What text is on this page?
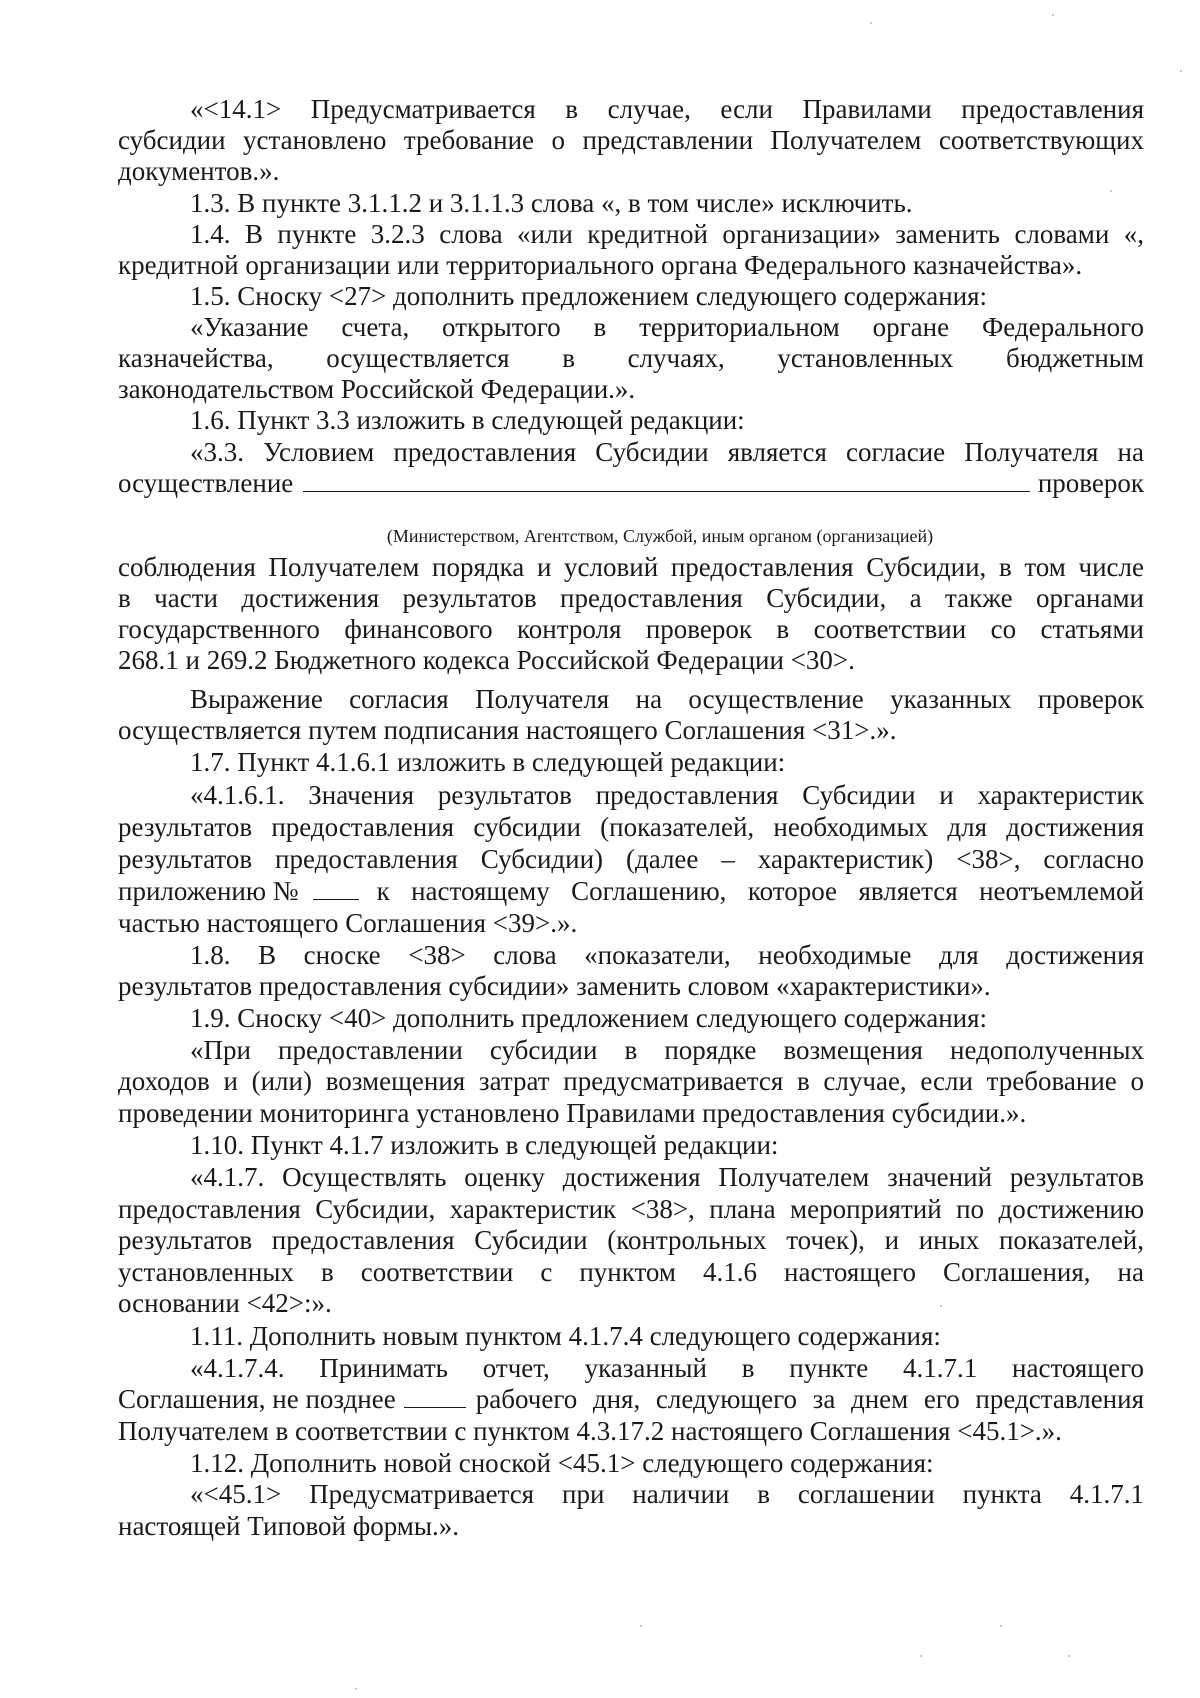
«<14.1> Предусматривается в случае, если Правилами предоставления
субсидии установлено требование о представлении Получателем соответствующих
документов.».
1.3. В пункте 3.1.1.2 и 3.1.1.3 слова «, в том числе» исключить.
1.4. В пункте 3.2.3 слова «или кредитной организации» заменить словами «,
кредитной организации или территориального органа Федерального казначейства».
1.5. Сноску <27> дополнить предложением следующего содержания:
«Указание счета, открытого в территориальном органе Федерального
казначейства, осуществляется в случаях, установленных бюджетным
законодательством Российской Федерации.».
1.6. Пункт 3.3 изложить в следующей редакции:
«3.3. Условием предоставления Субсидии является согласие Получателя на
осуществление	проверок
(Министерством, Агентством, Службой, иным органом (организацией)
соблюдения Получателем порядка и условий предоставления Субсидии, в том числе
в части достижения результатов предоставления Субсидии, а также органами
государственного финансового контроля проверок в соответствии со статьями
268.1 и 269.2 Бюджетного кодекса Российской Федерации <30>.
Выражение согласия Получателя на осуществление указанных проверок
осуществляется путем подписания настоящего Соглашения <31>.».
1.7. Пункт 4.1.6.1 изложить в следующей редакции:
«4.1.6.1. Значения результатов предоставления Субсидии и характеристик
результатов предоставления субсидии (показателей, необходимых для достижения
результатов предоставления Субсидии) (далее – характеристик) <38>, согласно
приложению №	к настоящему Соглашению, которое является неотъемлемой
частью настоящего Соглашения <39>.».
1.8. В сноске <38> слова «показатели, необходимые для достижения
результатов предоставления субсидии» заменить словом «характеристики».
1.9. Сноску <40> дополнить предложением следующего содержания:
«При предоставлении субсидии в порядке возмещения недополученных
доходов и (или) возмещения затрат предусматривается в случае, если требование о
проведении мониторинга установлено Правилами предоставления субсидии.».
1.10. Пункт 4.1.7 изложить в следующей редакции:
«4.1.7. Осуществлять оценку достижения Получателем значений результатов
предоставления Субсидии, характеристик <38>, плана мероприятий по достижению
результатов предоставления Субсидии (контрольных точек), и иных показателей,
установленных в соответствии с пунктом 4.1.6 настоящего Соглашения, на
основании <42>:».
1.11. Дополнить новым пунктом 4.1.7.4 следующего содержания:
«4.1.7.4. Принимать отчет, указанный в пункте 4.1.7.1 настоящего
Соглашения, не позднее	рабочего дня, следующего за днем его представления
Получателем в соответствии с пунктом 4.3.17.2 настоящего Соглашения <45.1>.».
1.12. Дополнить новой сноской <45.1> следующего содержания:
«<45.1> Предусматривается при наличии в соглашении пункта 4.1.7.1
настоящей Типовой формы.».
